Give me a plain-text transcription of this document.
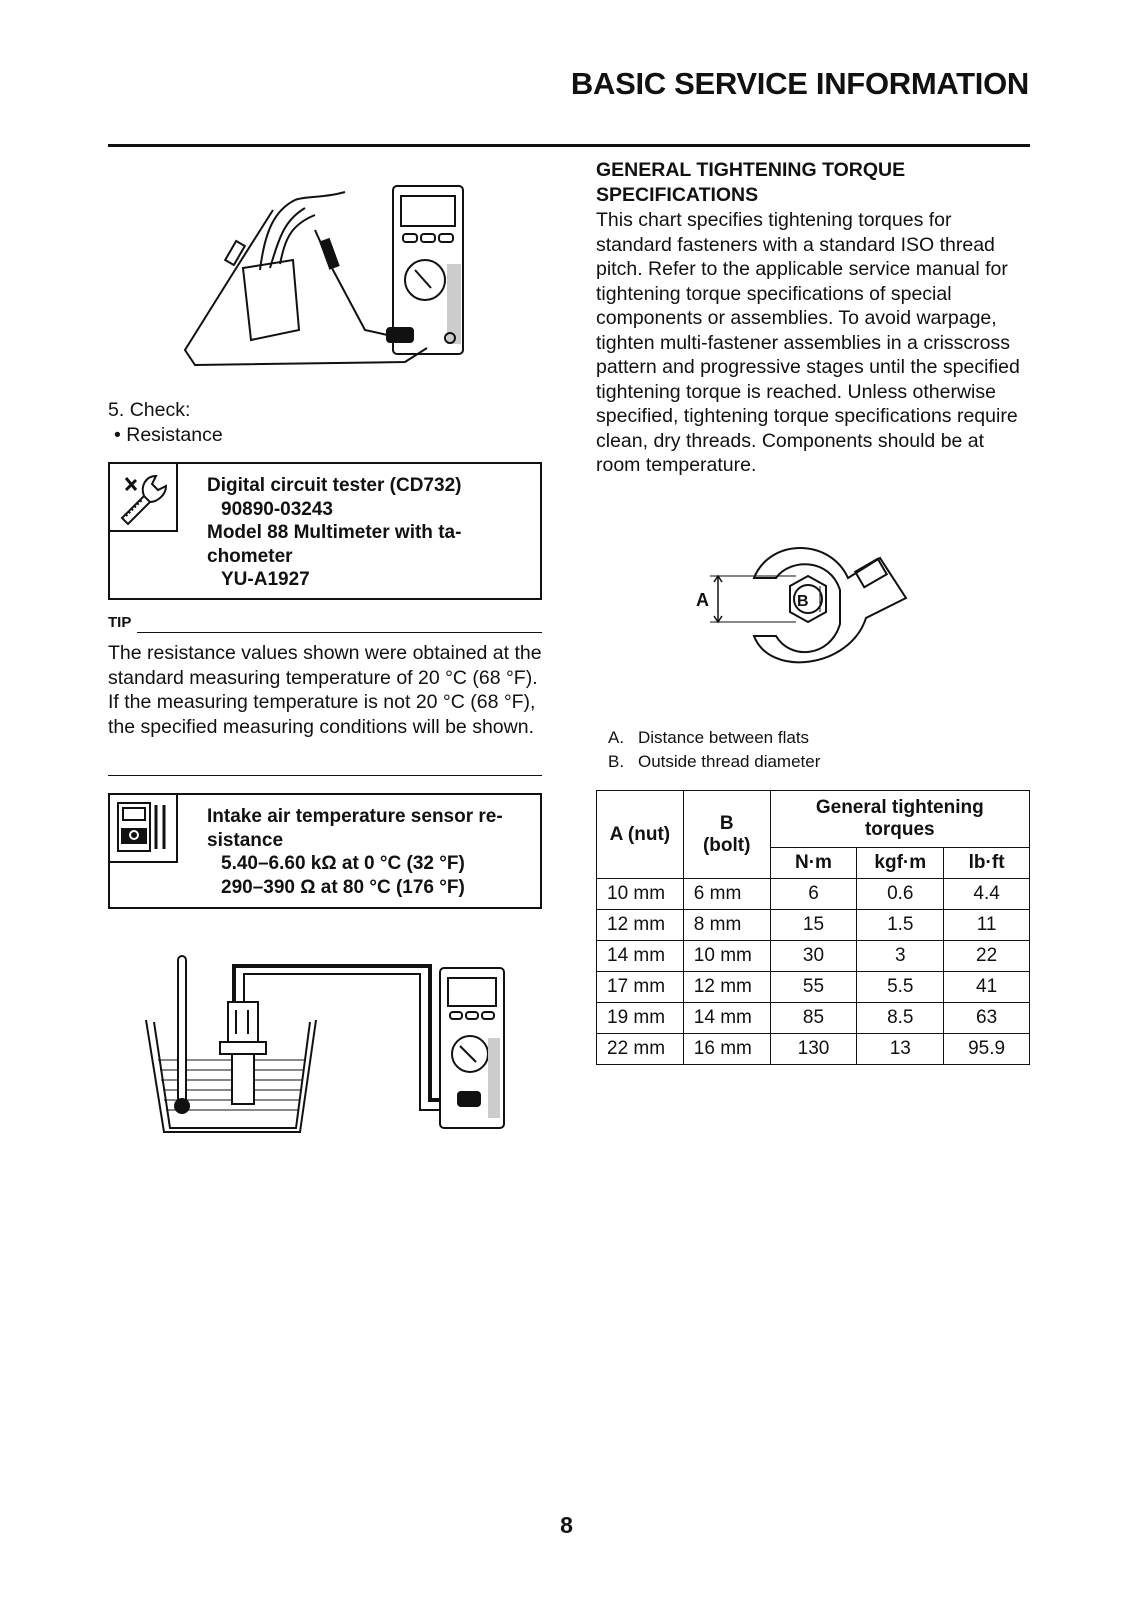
BASIC SERVICE INFORMATION
5. Check:
• Resistance
Digital circuit tester (CD732)
90890-03243
Model 88 Multimeter with ta-
chometer
YU-A1927
TIP
The resistance values shown were obtained at the standard measuring temperature of 20 °C (68 °F). If the measuring temperature is not 20 °C (68 °F), the specified measuring conditions will be shown.
Intake air temperature sensor re-
sistance
5.40–6.60 kΩ at 0 °C (32 °F)
290–390 Ω at 80 °C (176 °F)
GENERAL TIGHTENING TORQUE
SPECIFICATIONS
This chart specifies tightening torques for standard fasteners with a standard ISO thread pitch. Refer to the applicable service manual for tightening torque specifications of special components or assemblies. To avoid warpage, tighten multi-fastener assemblies in a crisscross pattern and progressive stages until the specified tightening torque is reached. Unless otherwise specified, tightening torque specifications require clean, dry threads. Components should be at room temperature.
A	B
A. Distance between flats
B. Outside thread diameter
A (nut)	B
(bolt)	General tightening
torques		

		N·m	kgf·m	lb·ft
10 mm	6 mm	6	0.6	4.4
12 mm	8 mm	15	1.5	11
14 mm	10 mm	30	3	22
17 mm	12 mm	55	5.5	41
19 mm	14 mm	85	8.5	63
22 mm	16 mm	130	13	95.9
8
